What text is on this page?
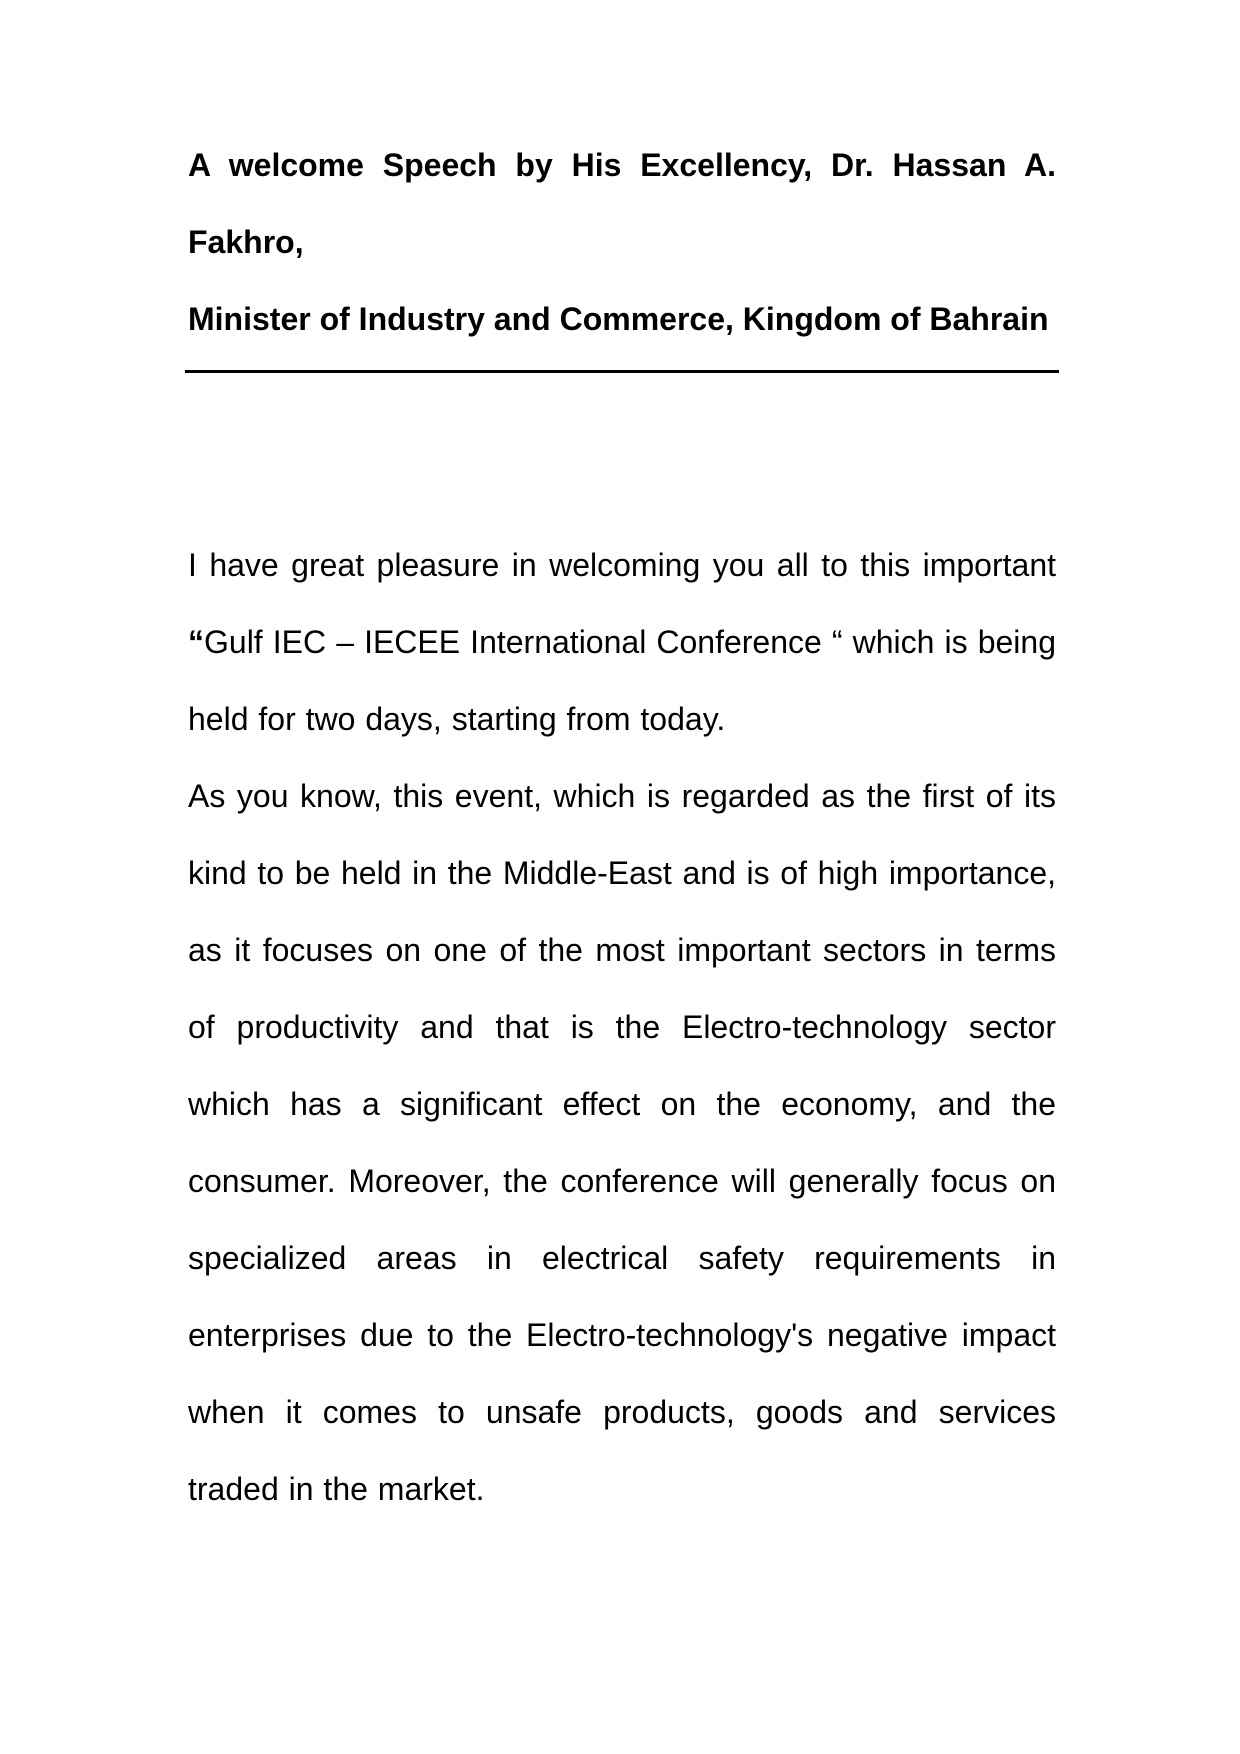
A welcome Speech by His Excellency, Dr. Hassan A. Fakhro,

Minister of Industry and Commerce, Kingdom of Bahrain

I have great pleasure in welcoming you all to this important “Gulf IEC – IECEE International Conference “ which is being held for two days, starting from today.

As you know, this event, which is regarded as the first of its kind to be held in the Middle-East and is of high importance, as it focuses on one of the most important sectors in terms of productivity and that is the Electro-technology sector which has a significant effect on the economy, and the consumer. Moreover, the conference will generally focus on specialized areas in electrical safety requirements in enterprises due to the Electro-technology's negative impact when it comes to unsafe products, goods and services traded in the market.
